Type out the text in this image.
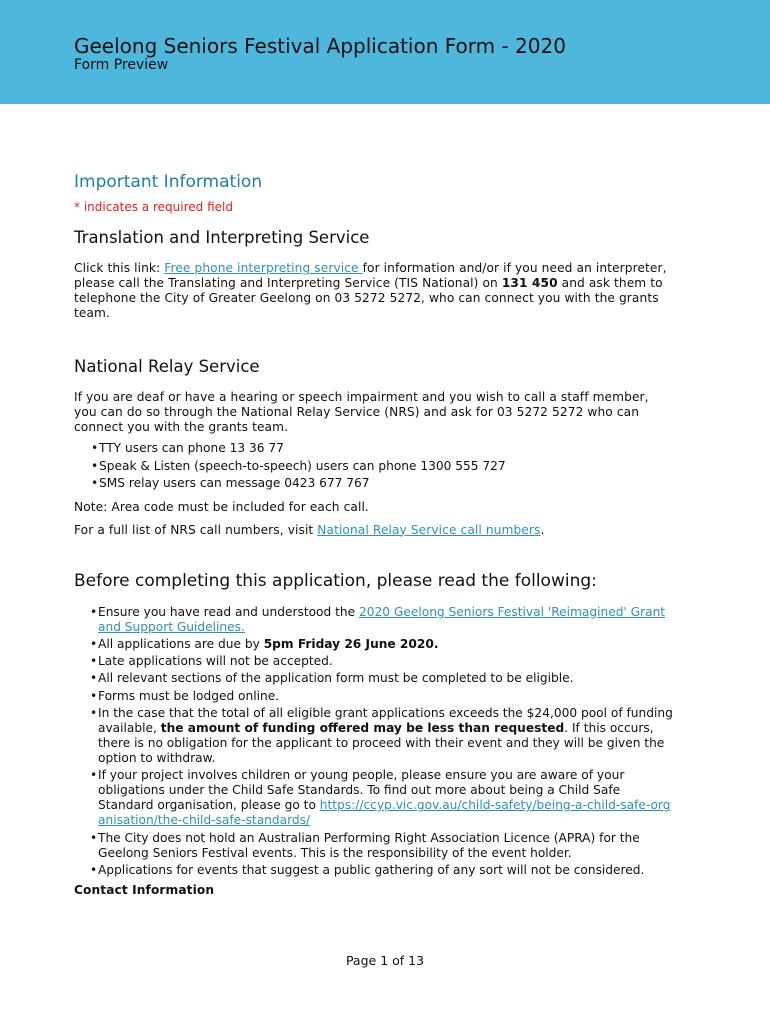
Geelong Seniors Festival Application Form - 2020
Form Preview
Important Information
* indicates a required field
Translation and Interpreting Service

Click this link: Free phone interpreting service for information and/or if you need an interpreter, please call the Translating and Interpreting Service (TIS National) on 131 450 and ask them to telephone the City of Greater Geelong on 03 5272 5272, who can connect you with the grants team.

National Relay Service

If you are deaf or have a hearing or speech impairment and you wish to call a staff member, you can do so through the National Relay Service (NRS) and ask for 03 5272 5272 who can connect you with the grants team.

• TTY users can phone 13 36 77
• Speak & Listen (speech-to-speech) users can phone 1300 555 727
• SMS relay users can message 0423 677 767

Note: Area code must be included for each call.

For a full list of NRS call numbers, visit National Relay Service call numbers.

Before completing this application, please read the following:
• Ensure you have read and understood the 2020 Geelong Seniors Festival 'Reimagined' Grant and Support Guidelines.
• All applications are due by 5pm Friday 26 June 2020.
• Late applications will not be accepted.
• All relevant sections of the application form must be completed to be eligible.
• Forms must be lodged online.
• In the case that the total of all eligible grant applications exceeds the $24,000 pool of funding available, the amount of funding offered may be less than requested. If this occurs, there is no obligation for the applicant to proceed with their event and they will be given the option to withdraw.
• If your project involves children or young people, please ensure you are aware of your obligations under the Child Safe Standards. To find out more about being a Child Safe Standard organisation, please go to https://ccyp.vic.gov.au/child-safety/being-a-child-safe-organisation/the-child-safe-standards/
• The City does not hold an Australian Performing Right Association Licence (APRA) for the Geelong Seniors Festival events. This is the responsibility of the event holder.
• Applications for events that suggest a public gathering of any sort will not be considered.

Contact Information

Page 1 of 13
